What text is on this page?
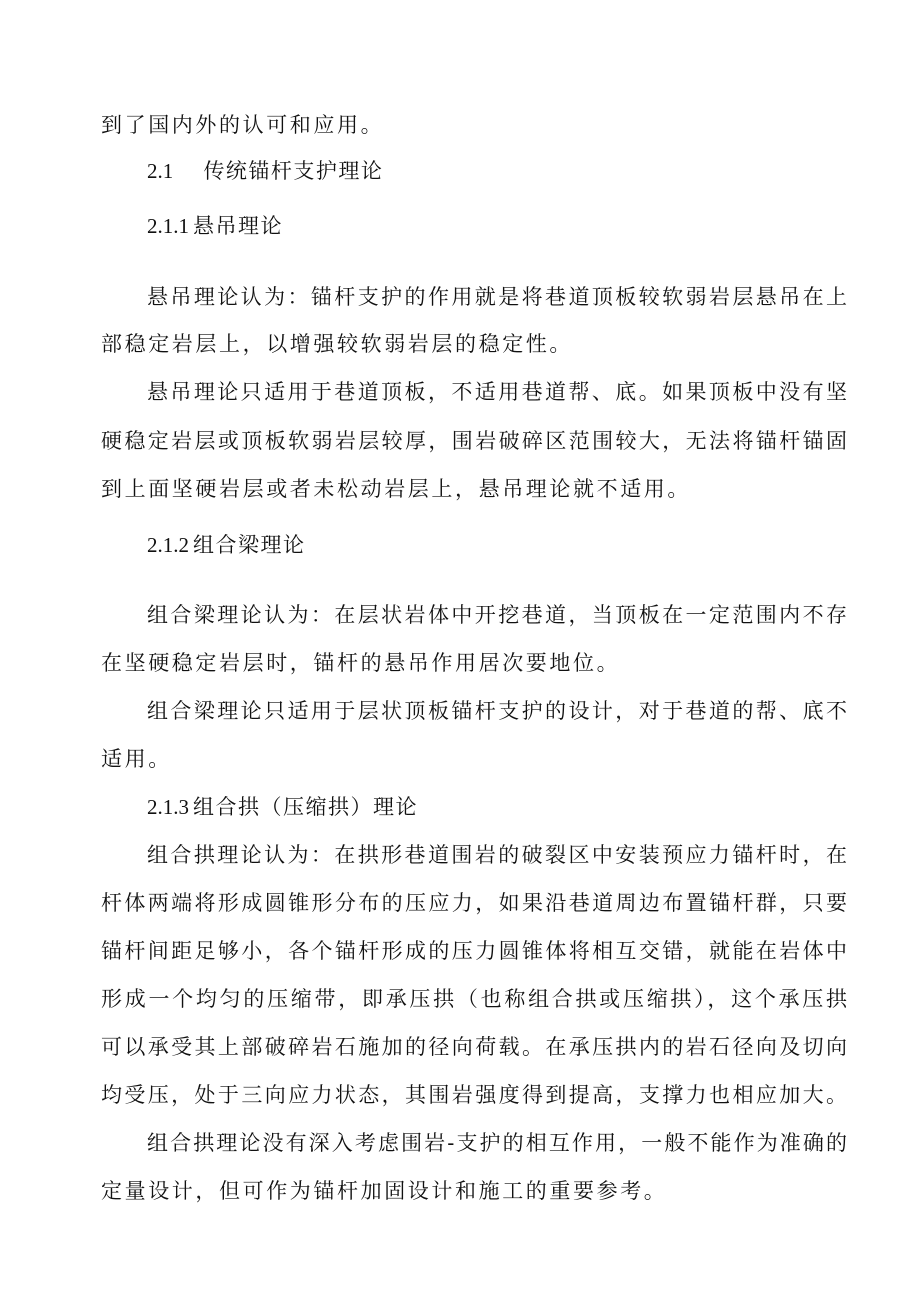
到了国内外的认可和应用。
2.1 传统锚杆支护理论
2.1.1 悬吊理论
悬吊理论认为：锚杆支护的作用就是将巷道顶板较软弱岩层悬吊在上
部稳定岩层上，以增强较软弱岩层的稳定性。
悬吊理论只适用于巷道顶板，不适用巷道帮、底。如果顶板中没有坚
硬稳定岩层或顶板软弱岩层较厚，围岩破碎区范围较大，无法将锚杆锚固
到上面坚硬岩层或者未松动岩层上，悬吊理论就不适用。
2.1.2 组合梁理论
组合梁理论认为：在层状岩体中开挖巷道，当顶板在一定范围内不存
在坚硬稳定岩层时，锚杆的悬吊作用居次要地位。
组合梁理论只适用于层状顶板锚杆支护的设计，对于巷道的帮、底不
适用。
2.1.3 组合拱（压缩拱）理论
组合拱理论认为：在拱形巷道围岩的破裂区中安装预应力锚杆时，在
杆体两端将形成圆锥形分布的压应力，如果沿巷道周边布置锚杆群，只要
锚杆间距足够小，各个锚杆形成的压力圆锥体将相互交错，就能在岩体中
形成一个均匀的压缩带，即承压拱（也称组合拱或压缩拱），这个承压拱
可以承受其上部破碎岩石施加的径向荷载。在承压拱内的岩石径向及切向
均受压，处于三向应力状态，其围岩强度得到提高，支撑力也相应加大。
组合拱理论没有深入考虑围岩-支护的相互作用，一般不能作为准确的
定量设计，但可作为锚杆加固设计和施工的重要参考。
